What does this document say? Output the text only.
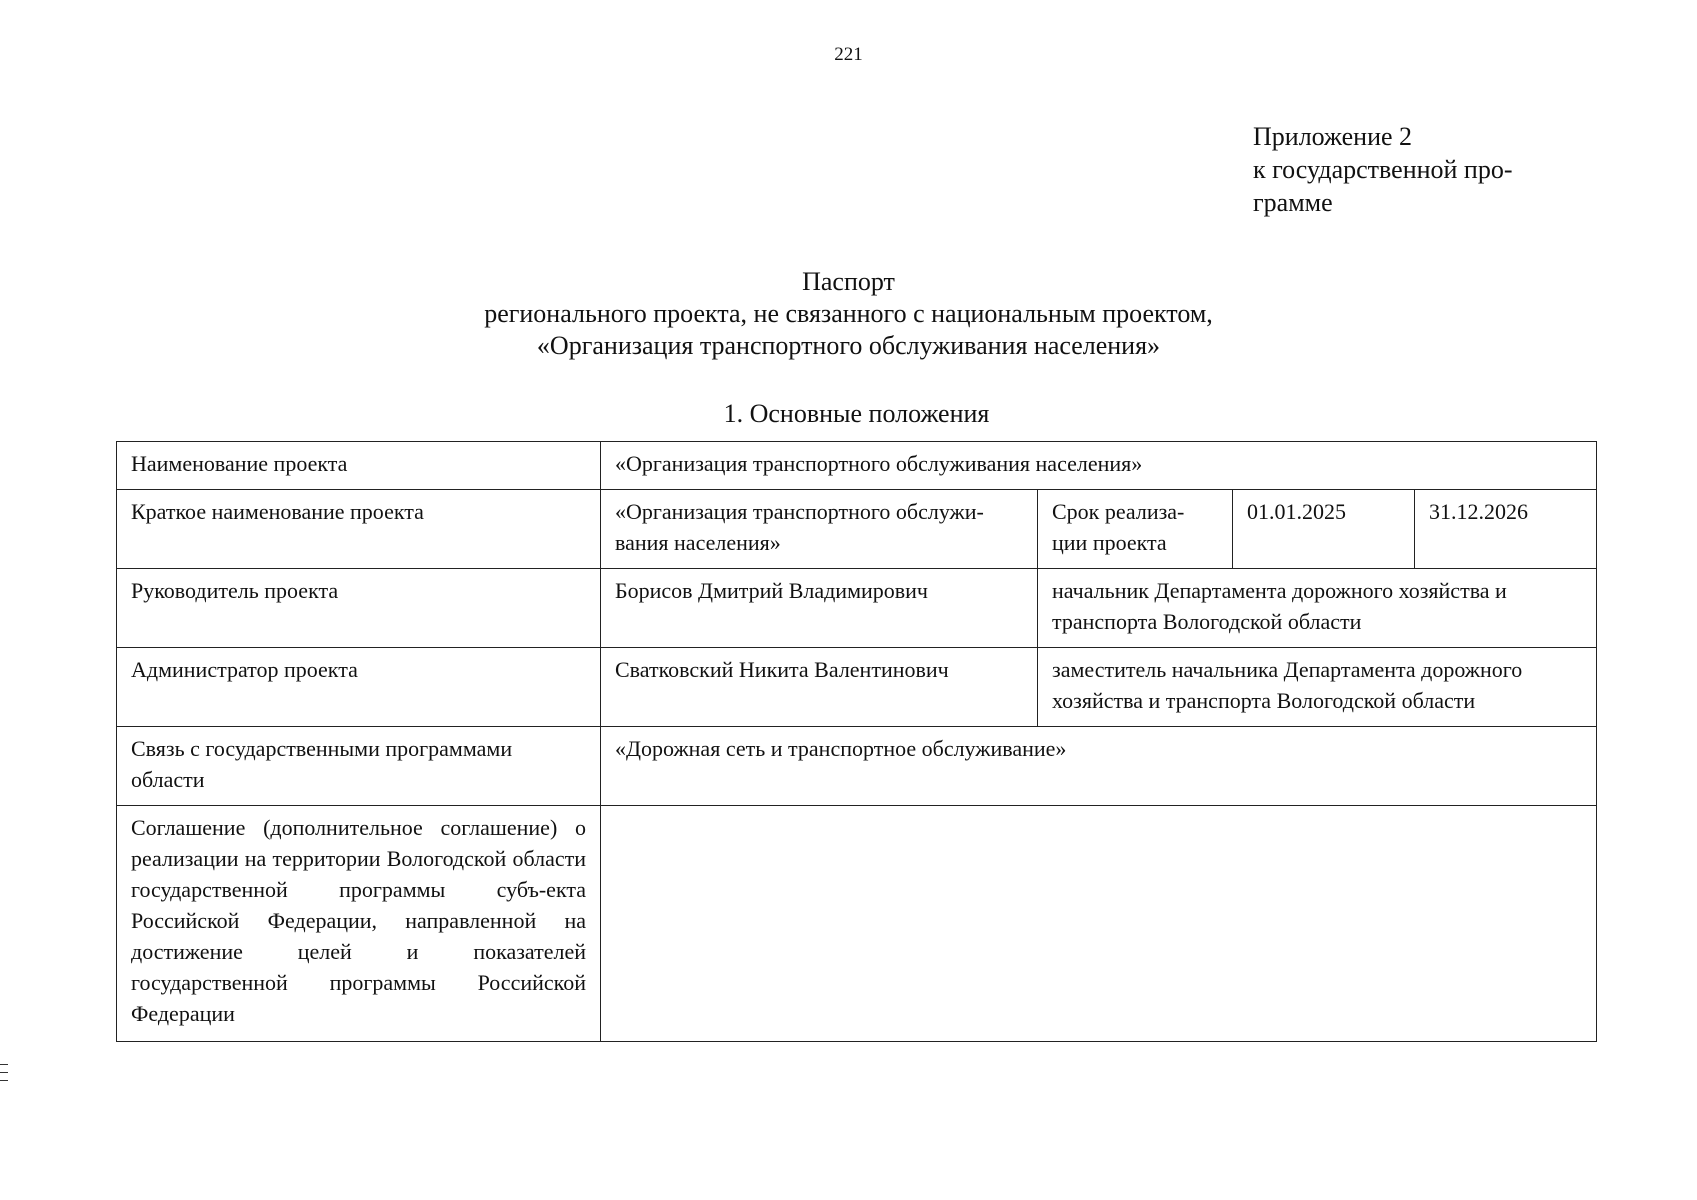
221
Приложение 2
к государственной про-
грамме
Паспорт
регионального проекта, не связанного с национальным проектом,
«Организация транспортного обслуживания населения»
1. Основные положения
Наименование проекта	«Организация транспортного обслуживания населения»			
Краткое наименование проекта	«Организация транспортного обслужи-вания населения»	Срок реализа-ции проекта	01.01.2025	31.12.2026
Руководитель проекта	Борисов Дмитрий Владимирович	начальник Департамента дорожного хозяйства и транспорта Вологодской области		
Администратор проекта	Сватковский Никита Валентинович	заместитель начальника Департамента дорожного хозяйства и транспорта Вологодской области		
Связь с государственными программами области	«Дорожная сеть и транспортное обслуживание»			
Соглашение (дополнительное соглашение) о реализации на территории Вологодской области государственной программы субъ-екта Российской Федерации, направленной на достижение целей и показателей государственной программы Российской Федерации				
